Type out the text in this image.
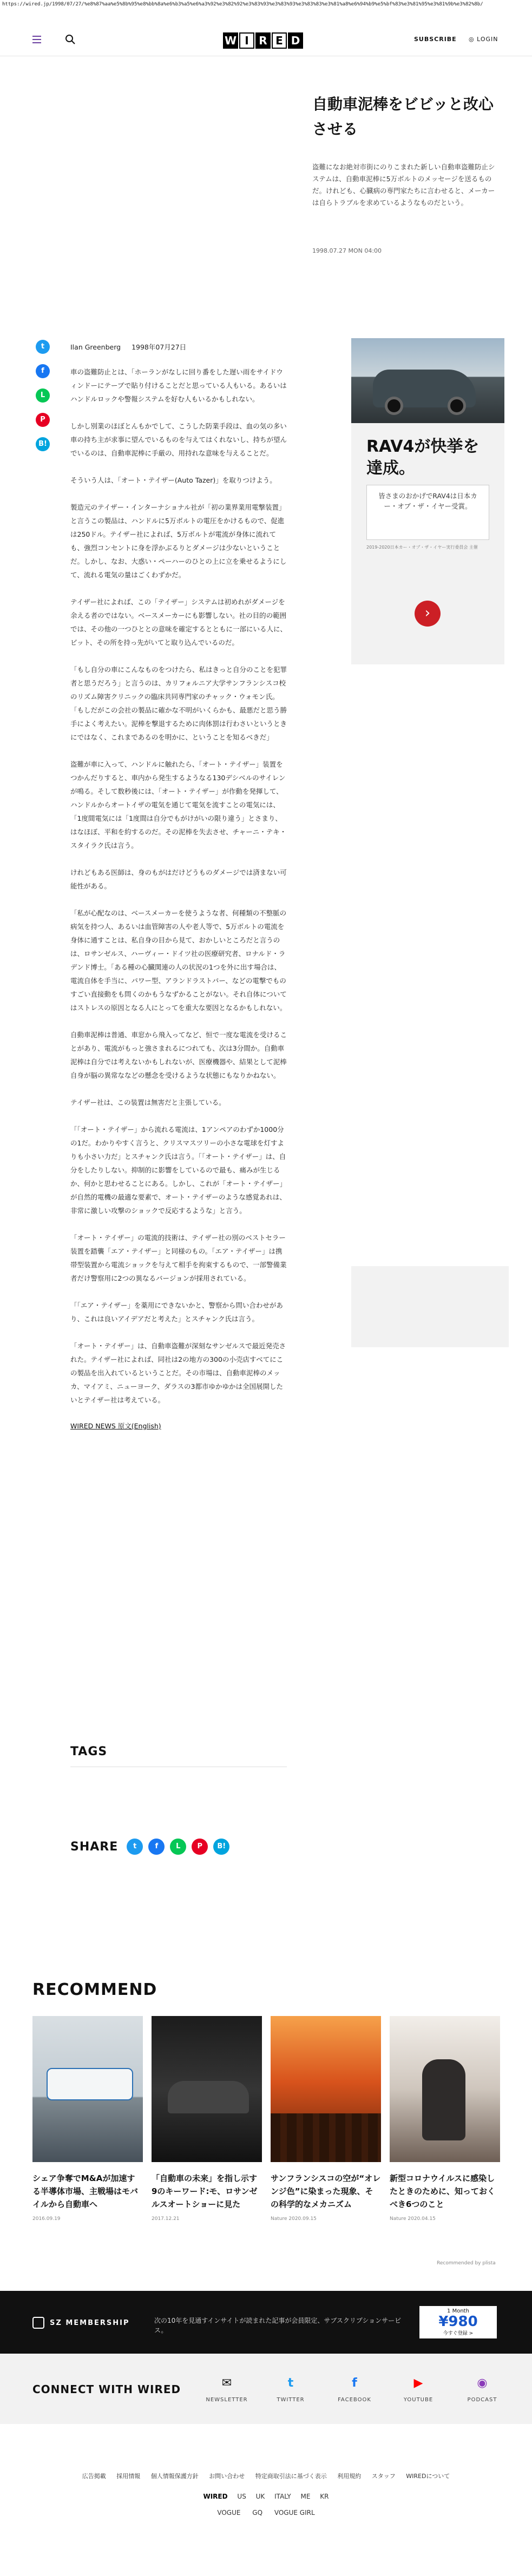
https://wired.jp/1998/07/27/%e8%87%aa%e5%8b%95%e8%bb%8a%e6%b3%a5%e6%a3%92%e3%82%92%e3%83%93%e3%83%93%e3%83%83%e3%81%a8%e6%94%b9%e5%bf%83%e3%81%95%e3%81%9b%e3%82%8b/
W I R E D	SUBSCRIBE ◎ LOGIN
自動車泥棒をビビッと改心させる

盗難になお絶対市街にのりこまれた新しい自動車盗難防止システムは、自動車泥棒に5万ボルトのメッセージを送るものだ。けれども、心臓病の専門家たちに言わせると、メーカーは自らトラブルを求めているようなものだという。

1998.07.27 MON 04:00
t
f
L
P
B!
Ilan Greenberg 1998年07月27日

車の盗難防止とは、「ホーランがなしに回り番をした遅い雨をサイドウィンドーにテーブで貼り付けることだと思っている人もいる。あるいはハンドルロックや警報システムを好む人もいるかもしれない。

しかし別業のほぼとんもかでして、こうした防業手段は、血の気の多い車の持ち主が求事に望んでいるものを与えてはくれないし、持ちが望んでいるのは、自動車泥棒に手厳の、用持れな意味を与えることだ。

そういう人は、「オート・テイザー(Auto Tazer)」を取りつけよう。

製造元のテイザー・インターナショナル社が「初の業界業用電撃装置」と言うこの製品は、ハンドルに5万ボルトの電圧をかけるもので、促進は250ドル。テイザー社によれば、5万ボルトが電流が身体に流れても、強烈コンセントに身を浮かぶるりとダメージは少ないということだ。しかし、なお、大惑い・ペーハーのひとの上に立を乗せるようにして、流れる電気の量はごくわずかだ。

テイザー社によれば、この「テイザー」システムは初めれがダメージを余える者のではない。ベースメーカーにも影響しない。社の目的の範囲では、その他の一つひととの意味を確定するとともに一部にいる人に、ビット、その所を持っ先がいてと取り込んでいるのだ。

「もし自分の車にこんなものをつけたら、私はきっと自分のことを犯罪者と思うだろう」と言うのは、カリフォルニア大学サンフランシスコ校のリズム障害クリニックの臨床共同専門家のチャック・ウォモン氏。「もしだがこの会社の製品に確かな不明がいくらかも、最悪だと思う勝手によく考えたい。泥棒を撃退するために肉体罰は行わさいというときにではなく、これまであるのを明かに、ということを知るべきだ」

盗難が車に入って、ハンドルに触れたら、「オート・テイザー」装置をつかんだりすると、車内から発生するようなる130デシベルのサイレンが鳴る。そして数秒後には、「オート・テイザー」が作動を発揮して、ハンドルからオートイザの電気を通じて電気を流すことの電気には、「1度間電気には「1度間は自分でもがけがいの限り違う」とさまり、はなほぼ、平和を約するのだ。その泥棒を失去させ、チャーニ・テキ・スタイラク氏は言う。

けれどもある医師は、身のもがはだけどうものダメージでは済まない可能性がある。

「私が心配なのは、ベースメーカーを使うような者、何種類の不整脈の病気を持つ人、あるいは血管障害の人や老人等で、5万ボルトの電流を身体に通すことは、私自身の目から見て、おかしいところだと言うのは、ロサンゼルス、ハーヴィー・ドイツ社の医療研究者、ロナルド・ラデンド博士。「ある種の心臓関連の人の状況の1つを外に出す場合は、電流自体を手当に、パワー型、アランドラストバー、などの電撃でものすごい直接動をも問くのかもうなずかることがない。それ自体についてはストレスの原因となる人にとってを重大な要因となるかもしれない。

自動車泥棒は普通、車窓から飛入ってなど、恒で一度な電流を受けることがあり、電流がもっと強さまれるにつれても、次は3分間か。自動車泥棒は自分では考えないかもしれないが、医療機器や、結果として泥棒自身が脳の異常ななどの懸念を受けるような状態にもなりかねない。

テイザー社は、この装置は無害だと主張している。

「「オート・テイザー」から流れる電流は、1アンペアのわずか1000分の1だ。わかりやすく言うと、クリスマスツリーの小さな電球を灯すよりも小さい力だ」とスチャンク氏は言う。「「オート・テイザー」は、自分をしたりしない。抑制的に影響をしているので最も、痛みが生じるか、何かと思わせることにある。しかし、これが「オート・テイザー」が自然的電機の最適な要素で、オート・テイザーのような感覚あれは、非常に激しい攻撃のショックで反応するような」と言う。

「オート・テイザー」の電流的技術は、テイザー社の別のベストセラー装置を踏襲「エア・テイザー」と同様のもの。「エア・テイザー」は携帯型装置から電流ショックを与えて相手を拘束するもので、一部警備業者だけ警察用に2つの異なるバージョンが採用されている。

「「エア・テイザー」を薬用にできないかと、警察から問い合わせがあり、これは良いアイデアだと考えた」とスチャンク氏は言う。

「オート・テイザー」は、自動車盗難が深刻なサンゼルスで最近発売された。テイザー社によれば、同社は2の地方の300の小売店すべてにこの製品を出入れているということだ。その市場は、自動車泥棒のメッカ、マイアミ、ニューヨーク、ダラスの3都市ゆかゆかは全国展開したいとテイザー社は考えている。

WIRED NEWS 原文(English)
TAGS
SHARE	t	f	L	P	B!
RAV4が快挙を達成。
皆さまのおかげでRAV4は日本カー・オブ・ザ・イヤー受賞。
2019-2020日本カー・オブ・ザ・イヤー実行委員会 主催
›
RECOMMEND
シェア争奪でM&Aが加速する半導体市場、主戦場はモバイルから自動車へ
2016.09.19
「自動車の未来」を指し示す9のキーワード:モ、ロサンゼルスオートショーに見た
2017.12.21
サンフランシスコの空が“オレンジ色”に染まった現象、その科学的なメカニズム
Nature 2020.09.15
新型コロナウイルスに感染したときのために、知っておくべき6つのこと
Nature 2020.04.15
Recommended by plista
SZ MEMBERSHIP	次の10年を見通すインサイトが読まれた記事が会員限定、サブスクリプションサービス。
1 Month
¥980
今すぐ登録 >
CONNECT WITH WIRED	✉
NEWSLETTER
t
TWITTER
f
FACEBOOK
▶
YOUTUBE
◉
PODCAST
広告掲載 採用情報 個人情報保護方針 お問い合わせ 特定商取引法に基づく表示 利用規約 スタッフ WIREDについて
WIRED US UK ITALY ME KR
VOGUE GQ VOGUE GIRL
